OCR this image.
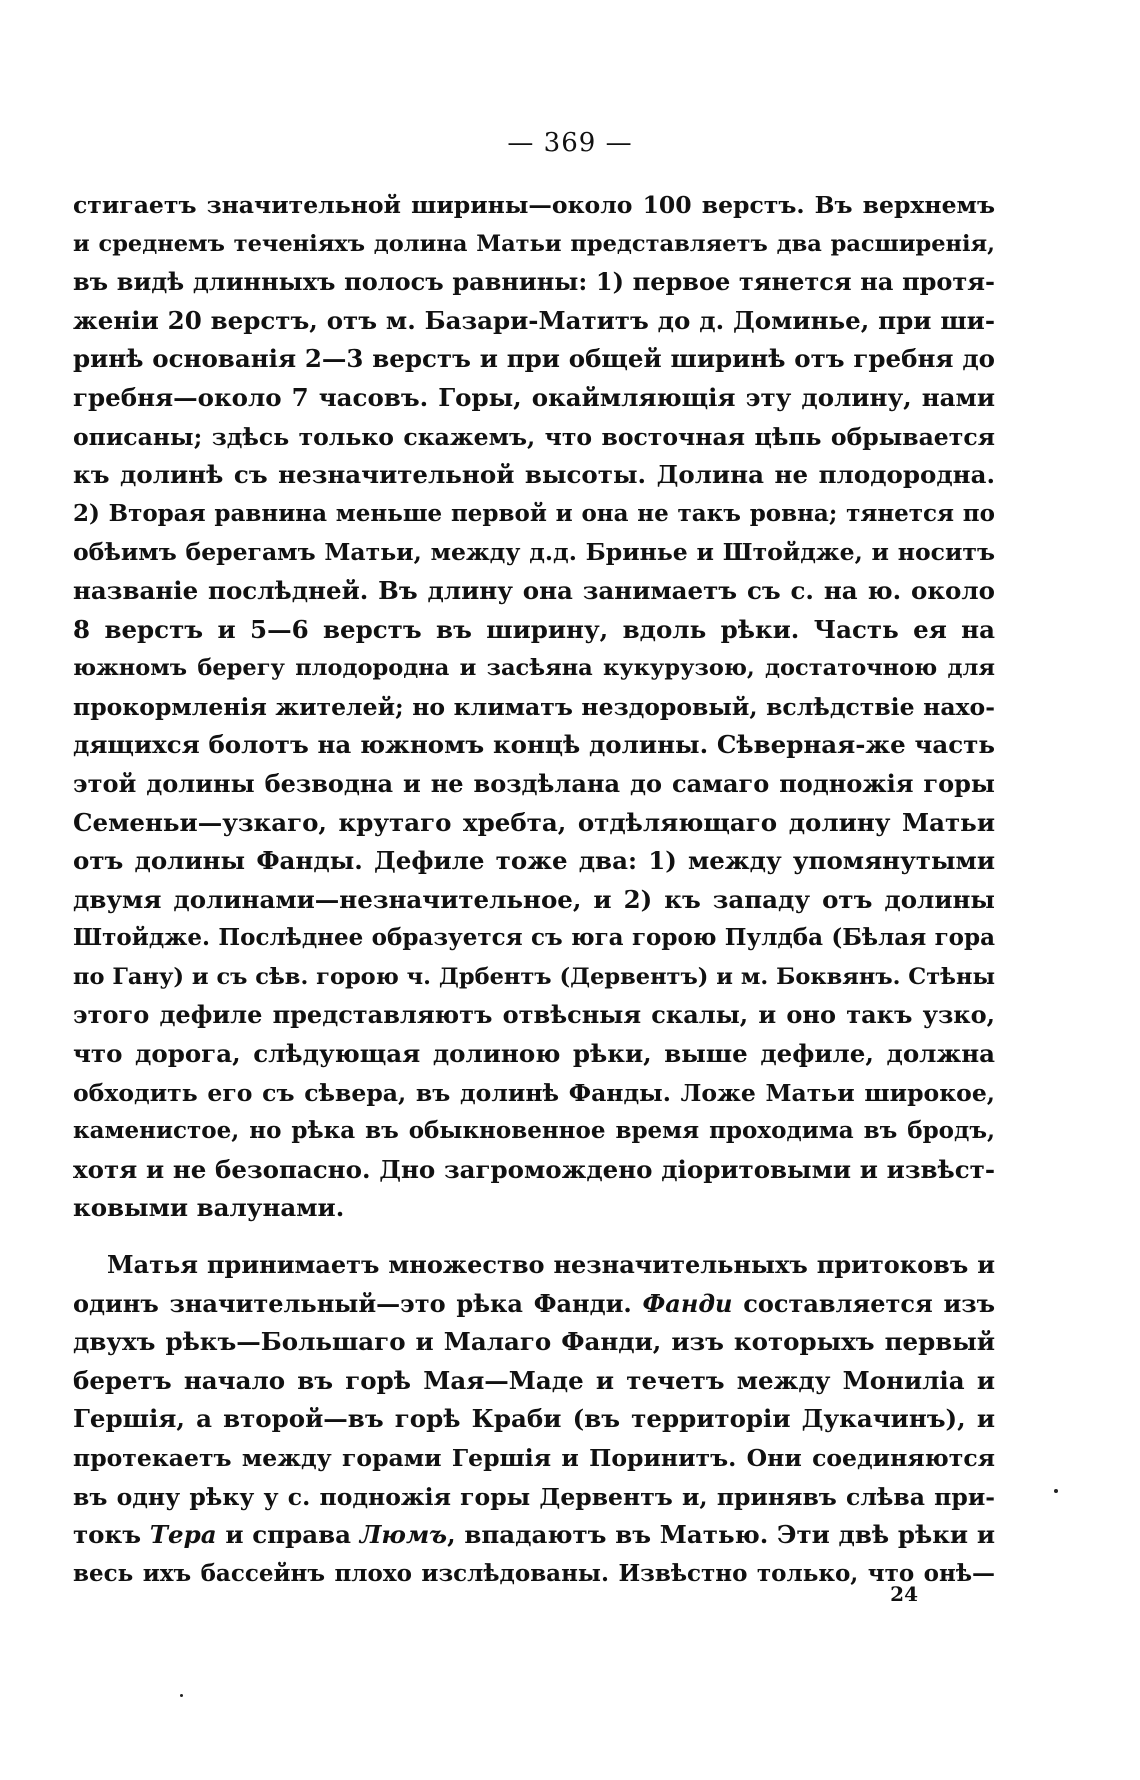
— 369 —
стигаетъ значительной ширины—около 100 верстъ. Въ верхнемъ
и среднемъ теченіяхъ долина Матьи представляетъ два расширенія,
въ видѣ длинныхъ полосъ равнины: 1) первое тянется на протя-
женіи 20 верстъ, отъ м. Базари-Матитъ до д. Доминье, при ши-
ринѣ основанія 2—3 верстъ и при общей ширинѣ отъ гребня до
гребня—около 7 часовъ. Горы, окаймляющія эту долину, нами
описаны; здѣсь только скажемъ, что восточная цѣпь обрывается
къ долинѣ съ незначительной высоты. Долина не плодородна.
2) Вторая равнина меньше первой и она не такъ ровна; тянется по
обѣимъ берегамъ Матьи, между д.д. Бринье и Штойдже, и носитъ
названіе послѣдней. Въ длину она занимаетъ съ с. на ю. около
8 верстъ и 5—6 верстъ въ ширину, вдоль рѣки. Часть ея на
южномъ берегу плодородна и засѣяна кукурузою, достаточною для
прокормленія жителей; но климатъ нездоровый, вслѣдствіе нахо-
дящихся болотъ на южномъ концѣ долины. Сѣверная-же часть
этой долины безводна и не воздѣлана до самаго подножія горы
Семеньи—узкаго, крутаго хребта, отдѣляющаго долину Матьи
отъ долины Фанды. Дефиле тоже два: 1) между упомянутыми
двумя долинами—незначительное, и 2) къ западу отъ долины
Штойдже. Послѣднее образуется съ юга горою Пулдба (Бѣлая гора
по Гану) и съ сѣв. горою ч. Дрбентъ (Дервентъ) и м. Боквянъ. Стѣны
этого дефиле представляютъ отвѣсныя скалы, и оно такъ узко,
что дорога, слѣдующая долиною рѣки, выше дефиле, должна
обходить его съ сѣвера, въ долинѣ Фанды. Ложе Матьи широкое,
каменистое, но рѣка въ обыкновенное время проходима въ бродъ,
хотя и не безопасно. Дно загромождено діоритовыми и извѣст-
ковыми валунами.
Матья принимаетъ множество незначительныхъ притоковъ и
одинъ значительный—это рѣка Фанди. Фанди составляется изъ
двухъ рѣкъ—Большаго и Малаго Фанди, изъ которыхъ первый
беретъ начало въ горѣ Мая—Маде и течетъ между Мониліа и
Гершія, а второй—въ горѣ Краби (въ территоріи Дукачинъ), и
протекаетъ между горами Гершія и Поринитъ. Они соединяются
въ одну рѣку у с. подножія горы Дервентъ и, принявъ слѣва при-
токъ Тера и справа Люмъ, впадаютъ въ Матью. Эти двѣ рѣки и
весь ихъ бассейнъ плохо изслѣдованы. Извѣстно только, что онѣ—
24
